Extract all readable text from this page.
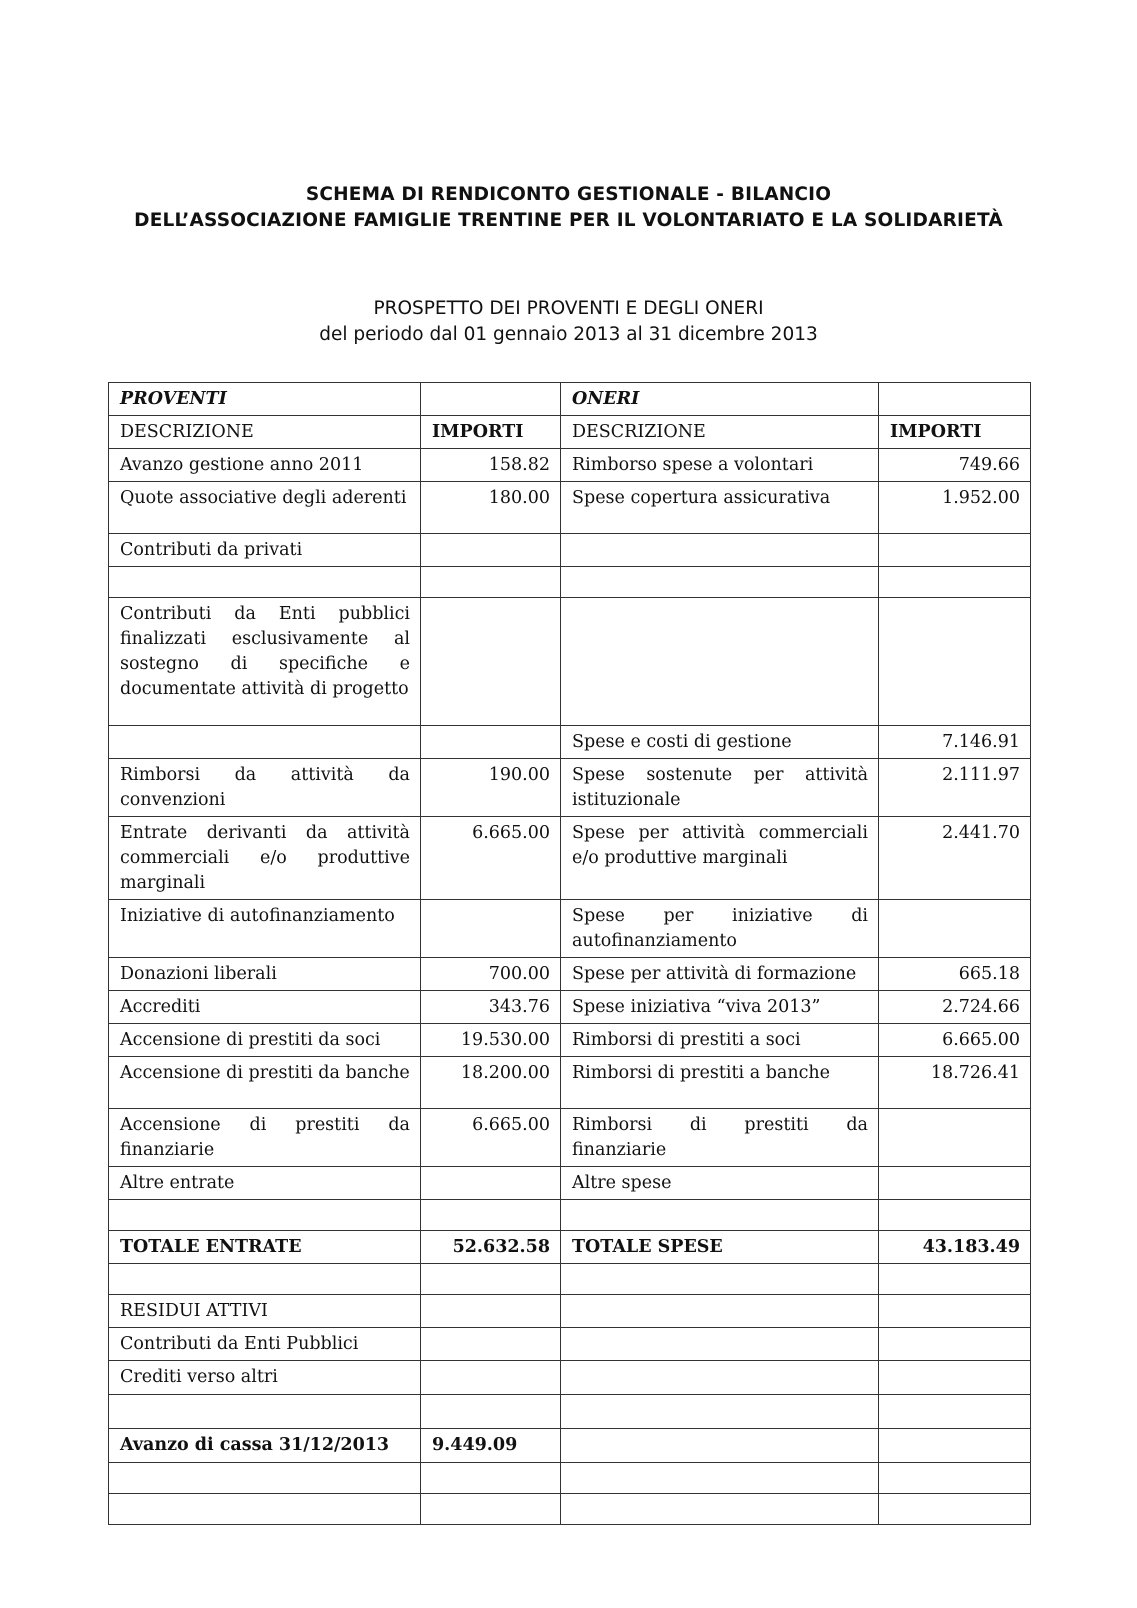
SCHEMA DI RENDICONTO GESTIONALE - BILANCIO
DELL’ASSOCIAZIONE FAMIGLIE TRENTINE PER IL VOLONTARIATO E LA SOLIDARIETÀ
PROSPETTO DEI PROVENTI E DEGLI ONERI
del periodo dal 01 gennaio 2013 al 31 dicembre 2013
PROVENTI		ONERI	
DESCRIZIONE	IMPORTI	DESCRIZIONE	IMPORTI
Avanzo gestione anno 2011	158.82	Rimborso spese a volontari	749.66
Quote associative degli aderenti	180.00	Spese copertura assicurativa	1.952.00
Contributi da privati			

Contributi da Enti pubblici finalizzati esclusivamente al sostegno di specifiche e documentate attività di progetto			
		Spese e costi di gestione	7.146.91
Rimborsi da attività da convenzioni	190.00	Spese sostenute per attività istituzionale	2.111.97
Entrate derivanti da attività commerciali e/o produttive marginali	6.665.00	Spese per attività commerciali e/o produttive marginali	2.441.70
Iniziative di autofinanziamento		Spese per iniziative di autofinanziamento	
Donazioni liberali	700.00	Spese per attività di formazione	665.18
Accrediti	343.76	Spese iniziativa “viva 2013”	2.724.66
Accensione di prestiti da soci	19.530.00	Rimborsi di prestiti a soci	6.665.00
Accensione di prestiti da banche	18.200.00	Rimborsi di prestiti a banche	18.726.41
Accensione di prestiti da finanziarie	6.665.00	Rimborsi di prestiti da finanziarie	
Altre entrate		Altre spese	

TOTALE ENTRATE	52.632.58	TOTALE SPESE	43.183.49

RESIDUI ATTIVI			
Contributi da Enti Pubblici			
Crediti verso altri			

Avanzo di cassa 31/12/2013	9.449.09		
